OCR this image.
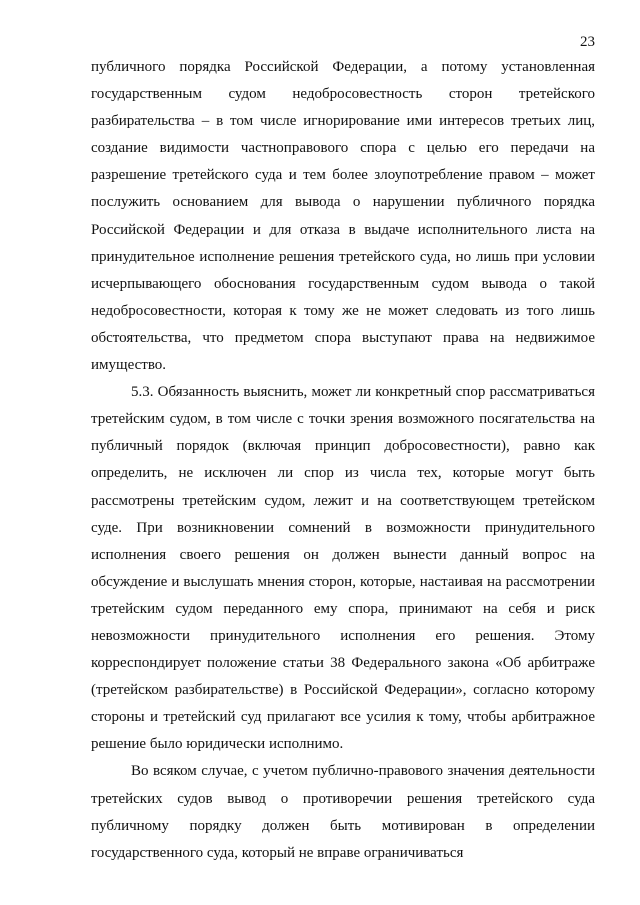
23

публичного порядка Российской Федерации, а потому установленная государственным судом недобросовестность сторон третейского разбирательства – в том числе игнорирование ими интересов третьих лиц, создание видимости частноправового спора с целью его передачи на разрешение третейского суда и тем более злоупотребление правом – может послужить основанием для вывода о нарушении публичного порядка Российской Федерации и для отказа в выдаче исполнительного листа на принудительное исполнение решения третейского суда, но лишь при условии исчерпывающего обоснования государственным судом вывода о такой недобросовестности, которая к тому же не может следовать из того лишь обстоятельства, что предметом спора выступают права на недвижимое имущество.

5.3. Обязанность выяснить, может ли конкретный спор рассматриваться третейским судом, в том числе с точки зрения возможного посягательства на публичный порядок (включая принцип добросовестности), равно как определить, не исключен ли спор из числа тех, которые могут быть рассмотрены третейским судом, лежит и на соответствующем третейском суде. При возникновении сомнений в возможности принудительного исполнения своего решения он должен вынести данный вопрос на обсуждение и выслушать мнения сторон, которые, настаивая на рассмотрении третейским судом переданного ему спора, принимают на себя и риск невозможности принудительного исполнения его решения. Этому корреспондирует положение статьи 38 Федерального закона «Об арбитраже (третейском разбирательстве) в Российской Федерации», согласно которому стороны и третейский суд прилагают все усилия к тому, чтобы арбитражное решение было юридически исполнимо.

Во всяком случае, с учетом публично-правового значения деятельности третейских судов вывод о противоречии решения третейского суда публичному порядку должен быть мотивирован в определении государственного суда, который не вправе ограничиваться
